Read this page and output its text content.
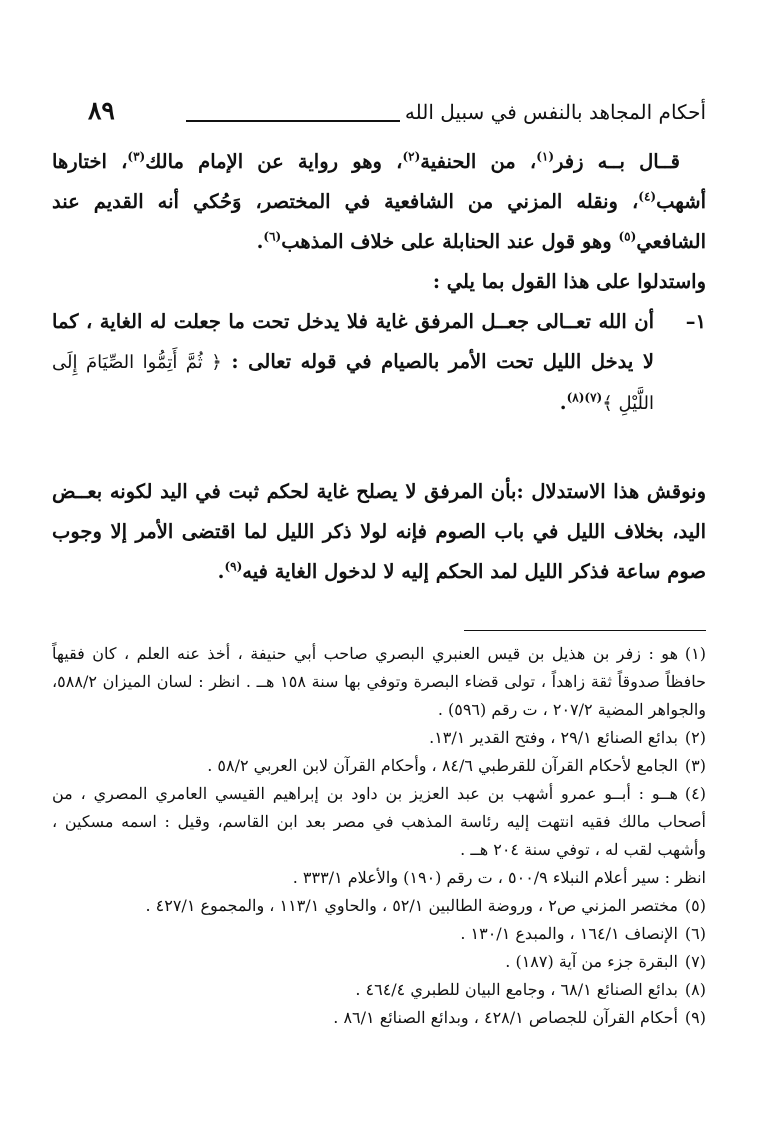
٨٩	أحكام المجاهد بالنفس في سبيل الله

قــال بــه زفر$^{(١)}$، من الحنفية$^{(٢)}$، وهو رواية عن الإمام مالك$^{(٣)}$، اختارها أشهب$^{(٤)}$، ونقله المزني من الشافعية في المختصر، وَحُكي أنه القديم عند الشافعي$^{(٥)}$ وهو قول عند الحنابلة على خلاف المذهب$^{(٦)}$.

واستدلوا على هذا القول بما يلي :

١–
أن الله تعــالى جعــل المرفق غاية فلا يدخل تحت ما جعلت له الغاية ، كما لا يدخل الليل تحت الأمر بالصيام في قوله تعالى : ﴿ ثُمَّ أَتِمُّوا الصِّيَامَ إِلَى اللَّيْلِ ﴾$^{(٧)(٨)}$.

ونوقش هذا الاستدلال :بأن المرفق لا يصلح غاية لحكم ثبت في اليد لكونه بعــض اليد، بخلاف الليل في باب الصوم فإنه لولا ذكر الليل لما اقتضى الأمر إلا وجوب صوم ساعة فذكر الليل لمد الحكم إليه لا لدخول الغاية فيه$^{(٩)}$.

(١)هو : زفر بن هذيل بن قيس العنبري البصري صاحب أبي حنيفة ، أخذ عنه العلم ، كان فقيهاً حافظاً صدوقاً ثقة زاهداً ، تولى قضاء البصرة وتوفي بها سنة ١٥٨ هــ . انظر : لسان الميزان ٥٨٨/٢، والجواهر المضية ٢٠٧/٢ ، ت رقم (٥٩٦) .

(٢)بدائع الصنائع ٢٩/١ ، وفتح القدير ١٣/١.

(٣)الجامع لأحكام القرآن للقرطبي ٨٤/٦ ، وأحكام القرآن لابن العربي ٥٨/٢ .

(٤)هــو : أبــو عمرو أشهب بن عبد العزيز بن داود بن إبراهيم القيسي العامري المصري ، من أصحاب مالك فقيه انتهت إليه رئاسة المذهب في مصر بعد ابن القاسم، وقيل : اسمه مسكين ، وأشهب لقب له ، توفي سنة ٢٠٤ هــ .

انظر : سير أعلام النبلاء ٥٠٠/٩ ، ت رقم (١٩٠) والأعلام ٣٣٣/١ .

(٥)مختصر المزني ص٢ ، وروضة الطالبين ٥٢/١ ، والحاوي ١١٣/١ ، والمجموع ٤٢٧/١ .

(٦)الإنصاف ١٦٤/١ ، والمبدع ١٣٠/١ .

(٧)البقرة جزء من آية (١٨٧) .

(٨)بدائع الصنائع ٦٨/١ ، وجامع البيان للطبري ٤٦٤/٤ .

(٩)أحكام القرآن للجصاص ٤٢٨/١ ، وبدائع الصنائع ٨٦/١ .
